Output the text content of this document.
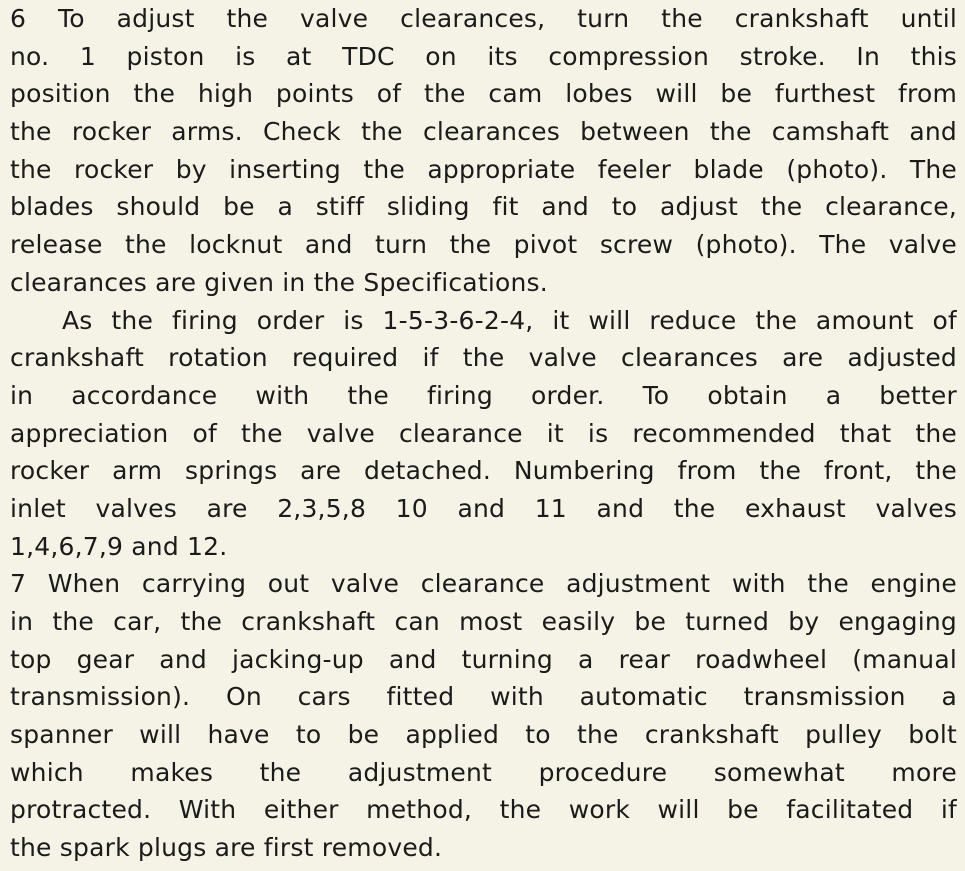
6 To adjust the valve clearances, turn the crankshaft until
no. 1 piston is at TDC on its compression stroke. In this
position the high points of the cam lobes will be furthest from
the rocker arms. Check the clearances between the camshaft and
the rocker by inserting the appropriate feeler blade (photo). The
blades should be a stiff sliding fit and to adjust the clearance,
release the locknut and turn the pivot screw (photo). The valve
clearances are given in the Specifications.
As the firing order is 1-5-3-6-2-4, it will reduce the amount of
crankshaft rotation required if the valve clearances are adjusted
in accordance with the firing order. To obtain a better
appreciation of the valve clearance it is recommended that the
rocker arm springs are detached. Numbering from the front, the
inlet valves are 2,3,5,8 10 and 11 and the exhaust valves
1,4,6,7,9 and 12.
7 When carrying out valve clearance adjustment with the engine
in the car, the crankshaft can most easily be turned by engaging
top gear and jacking-up and turning a rear roadwheel (manual
transmission). On cars fitted with automatic transmission a
spanner will have to be applied to the crankshaft pulley bolt
which makes the adjustment procedure somewhat more
protracted. With either method, the work will be facilitated if
the spark plugs are first removed.
